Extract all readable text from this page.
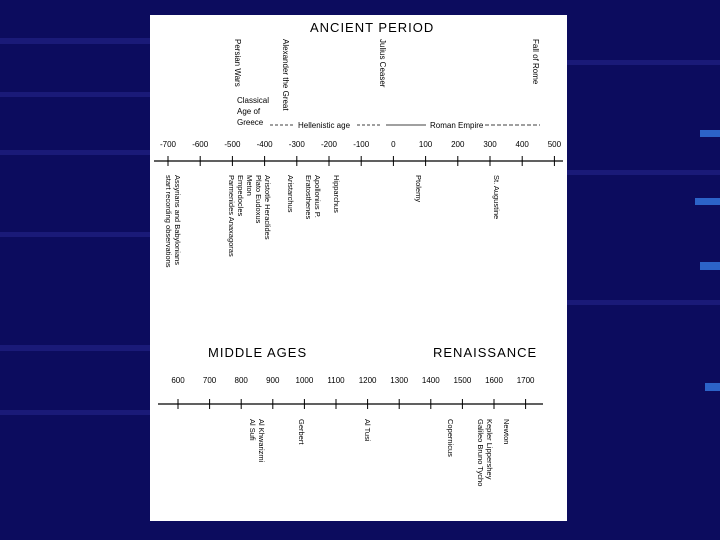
ANCIENT PERIOD
Persian Wars	Alexander the Great	Julius Ceaser	Fall of Rome
Classical
Age of
Greece	Hellenistic age	Roman Empire
-700 -600 -500 -400 -300 -200 -100	0	100 200 300 400 500
Assyrians and Babylonians
start recording observations	Parmenides Anaxagoras Empedocles Meton Plato Eudoxus Aristotle Heraclides Aristarchus Eratosthenes Apollonius P. Hipparchus	Ptolemy	St. Augustine
MIDDLE AGES	RENAISSANCE
600 700 800 900 1000 1100 1200 1300 1400 1500 1600 1700
Al Khwarizmi
Al Sufi	Gerbert	Al Tusi	Copernicus	Galileo Bruno Tycho Kepler Lippershey Newton
